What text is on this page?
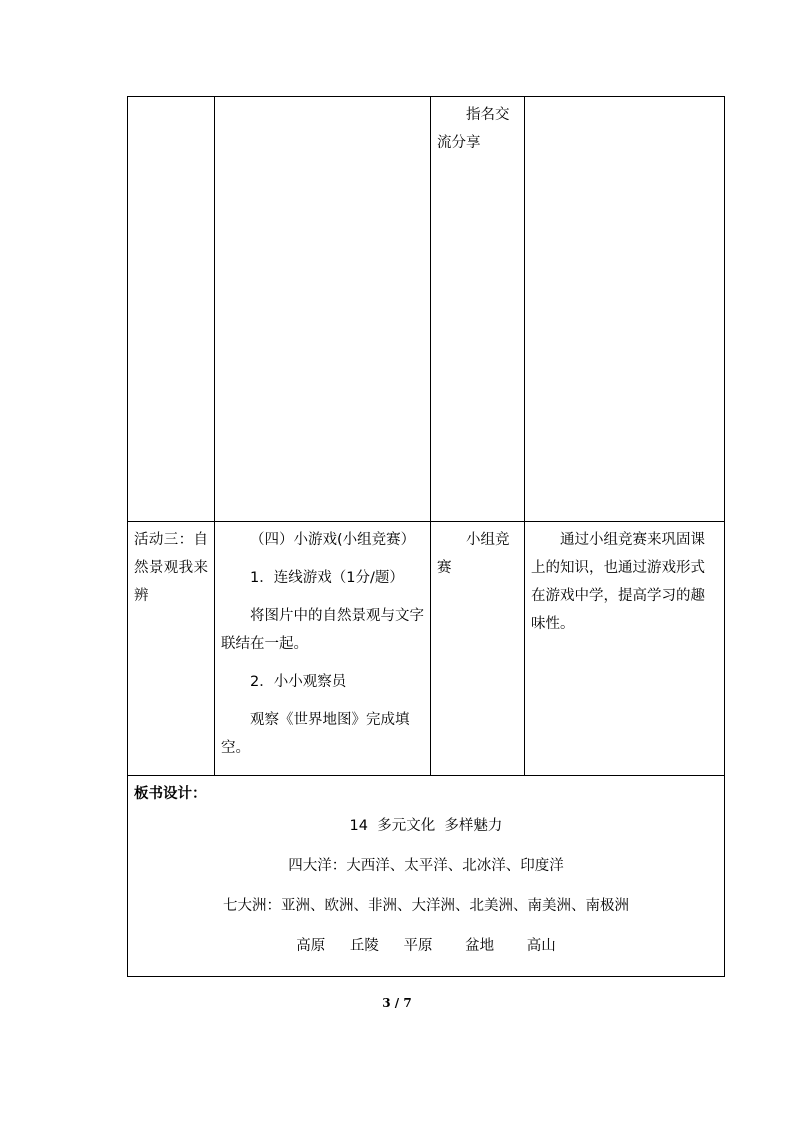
		指名交流分享	

活动三：自然景观我来辨	（四）小游戏(小组竞赛）

1．连线游戏（1分/题）

将图片中的自然景观与文字联结在一起。

2．小小观察员

观察《世界地图》完成填空。	小组竞赛	通过小组竞赛来巩固课上的知识，也通过游戏形式在游戏中学，提高学习的趣味性。

板书设计：

14  多元文化  多样魅力

四大洋：大西洋、太平洋、北冰洋、印度洋

七大洲：亚洲、欧洲、非洲、大洋洲、北美洲、南美洲、南极洲

高原 丘陵 平原 盆地 高山			

3 / 7
